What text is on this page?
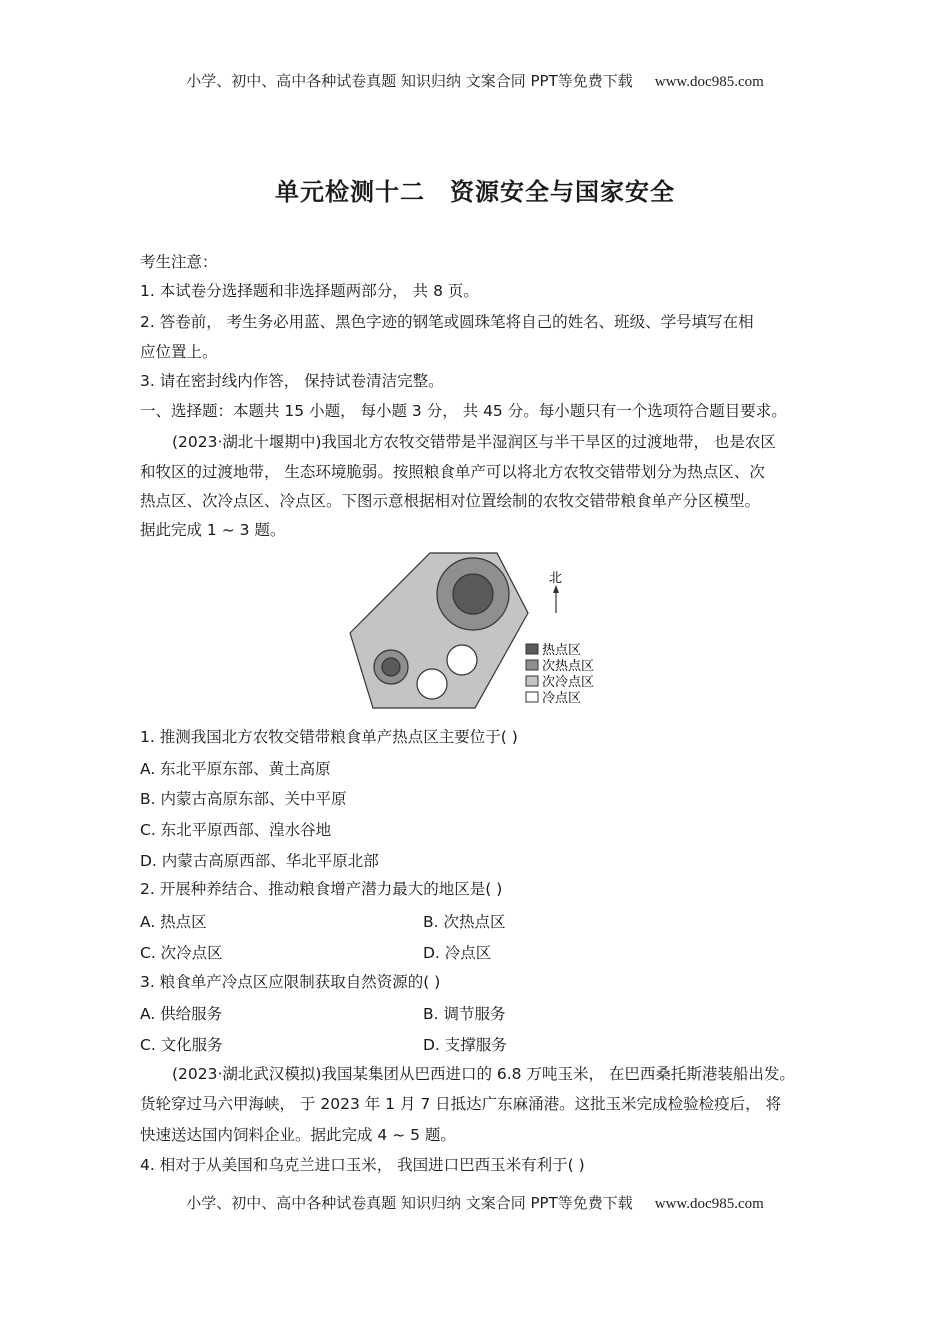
小学、初中、高中各种试卷真题 知识归纳 文案合同 PPT等免费下载 www.doc985.com
单元检测十二　资源安全与国家安全
考生注意：
1. 本试卷分选择题和非选择题两部分， 共 8 页。
2. 答卷前， 考生务必用蓝、黑色字迹的钢笔或圆珠笔将自己的姓名、班级、学号填写在相
应位置上。
3. 请在密封线内作答， 保持试卷清洁完整。
一、选择题：本题共 15 小题， 每小题 3 分， 共 45 分。每小题只有一个选项符合题目要求。
(2023·湖北十堰期中)我国北方农牧交错带是半湿润区与半干旱区的过渡地带， 也是农区
和牧区的过渡地带， 生态环境脆弱。按照粮食单产可以将北方农牧交错带划分为热点区、次
热点区、次冷点区、冷点区。下图示意根据相对位置绘制的农牧交错带粮食单产分区模型。
据此完成 1 ~ 3 题。
北
热点区
次热点区
次冷点区
冷点区
1. 推测我国北方农牧交错带粮食单产热点区主要位于( )
A. 东北平原东部、黄土高原
B. 内蒙古高原东部、关中平原
C. 东北平原西部、湟水谷地
D. 内蒙古高原西部、华北平原北部
2. 开展种养结合、推动粮食增产潜力最大的地区是( )
A. 热点区	B. 次热点区
C. 次冷点区	D. 冷点区
3. 粮食单产冷点区应限制获取自然资源的( )
A. 供给服务	B. 调节服务
C. 文化服务	D. 支撑服务
(2023·湖北武汉模拟)我国某集团从巴西进口的 6.8 万吨玉米， 在巴西桑托斯港装船出发。
货轮穿过马六甲海峡， 于 2023 年 1 月 7 日抵达广东麻涌港。这批玉米完成检验检疫后， 将
快速送达国内饲料企业。据此完成 4 ~ 5 题。
4. 相对于从美国和乌克兰进口玉米， 我国进口巴西玉米有利于( )
小学、初中、高中各种试卷真题 知识归纳 文案合同 PPT等免费下载 www.doc985.com
